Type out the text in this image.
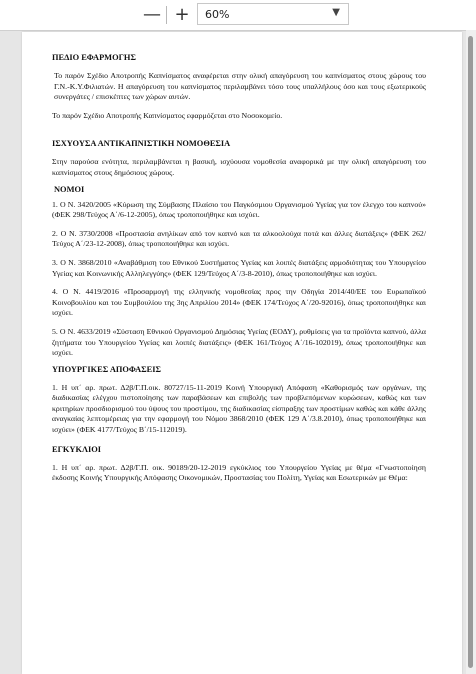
— +	60%	▼

ΠΕΔΙΟ ΕΦΑΡΜΟΓΗΣ

Το παρόν Σχέδιο Αποτροπής Καπνίσματος αναφέρεται στην ολική απαγόρευση του καπνίσματος στους χώρους του Γ.Ν.-Κ.Υ.Φιλιατών. Η απαγόρευση του καπνίσματος περιλαμβάνει τόσο τους υπαλλήλους όσο και τους εξωτερικούς συνεργάτες / επισκέπτες των χώρων αυτών.

Το παρόν Σχέδιο Αποτροπής Καπνίσματος εφαρμόζεται στο Νοσοκομείο.

ΙΣΧΥΟΥΣΑ ΑΝΤΙΚΑΠΝΙΣΤΙΚΗ ΝΟΜΟΘΕΣΙΑ

Στην παρούσα ενότητα, περιλαμβάνεται η βασική, ισχύουσα νομοθεσία αναφορικά με την ολική απαγόρευση του καπνίσματος στους δημόσιους χώρους.

ΝΟΜΟΙ

1. Ο Ν. 3420/2005 «Κύρωση της Σύμβασης Πλαίσιο του Παγκόσμιου Οργανισμού Υγείας για τον έλεγχο του καπνού» (ΦΕΚ 298/Τεύχος Α΄/6-12-2005), όπως τροποποιήθηκε και ισχύει.

2. Ο Ν. 3730/2008 «Προστασία ανηλίκων από τον καπνό και τα αλκοολούχα ποτά και άλλες διατάξεις» (ΦΕΚ 262/Τεύχος Α΄/23-12-2008), όπως τροποποιήθηκε και ισχύει.

3. Ο Ν. 3868/2010 «Αναβάθμιση του Εθνικού Συστήματος Υγείας και λοιπές διατάξεις αρμοδιότητας του Υπουργείου Υγείας και Κοινωνικής Αλληλεγγύης» (ΦΕΚ 129/Τεύχος Α΄/3-8-2010), όπως τροποποιήθηκε και ισχύει.

4. Ο Ν. 4419/2016 «Προσαρμογή της ελληνικής νομοθεσίας προς την Οδηγία 2014/40/ΕΕ του Ευρωπαϊκού Κοινοβουλίου και του Συμβουλίου της 3ης Απριλίου 2014» (ΦΕΚ 174/Τεύχος Α΄/20-92016), όπως τροποποιήθηκε και ισχύει.

5. Ο Ν. 4633/2019 «Σύσταση Εθνικού Οργανισμού Δημόσιας Υγείας (ΕΟΔΥ), ρυθμίσεις για τα προϊόντα καπνού, άλλα ζητήματα του Υπουργείου Υγείας και λοιπές διατάξεις» (ΦΕΚ 161/Τεύχος Α΄/16-102019), όπως τροποποιήθηκε και ισχύει.

ΥΠΟΥΡΓΙΚΕΣ ΑΠΟΦΑΣΕΙΣ

1. Η υπ΄ αρ. πρωτ. Δ2β/Γ.Π.οικ. 80727/15-11-2019 Κοινή Υπουργική Απόφαση «Καθορισμός των οργάνων, της διαδικασίας ελέγχου πιστοποίησης των παραβάσεων και επιβολής των προβλεπόμενων κυρώσεων, καθώς και των κριτηρίων προσδιορισμού του ύψους του προστίμου, της διαδικασίας είσπραξης των προστίμων καθώς και κάθε άλλης αναγκαίας λεπτομέρειας για την εφαρμογή του Νόμου 3868/2010 (ΦΕΚ 129 Α΄/3.8.2010), όπως τροποποιήθηκε και ισχύει» (ΦΕΚ 4177/Τεύχος Β΄/15-112019).

ΕΓΚΥΚΛΙΟΙ

1. Η υπ΄ αρ. πρωτ. Δ2β/Γ.Π. οικ. 90189/20-12-2019 εγκύκλιος του Υπουργείου Υγείας με θέμα «Γνωστοποίηση έκδοσης Κοινής Υπουργικής Απόφασης Οικονομικών, Προστασίας του Πολίτη, Υγείας και Εσωτερικών με Θέμα:
